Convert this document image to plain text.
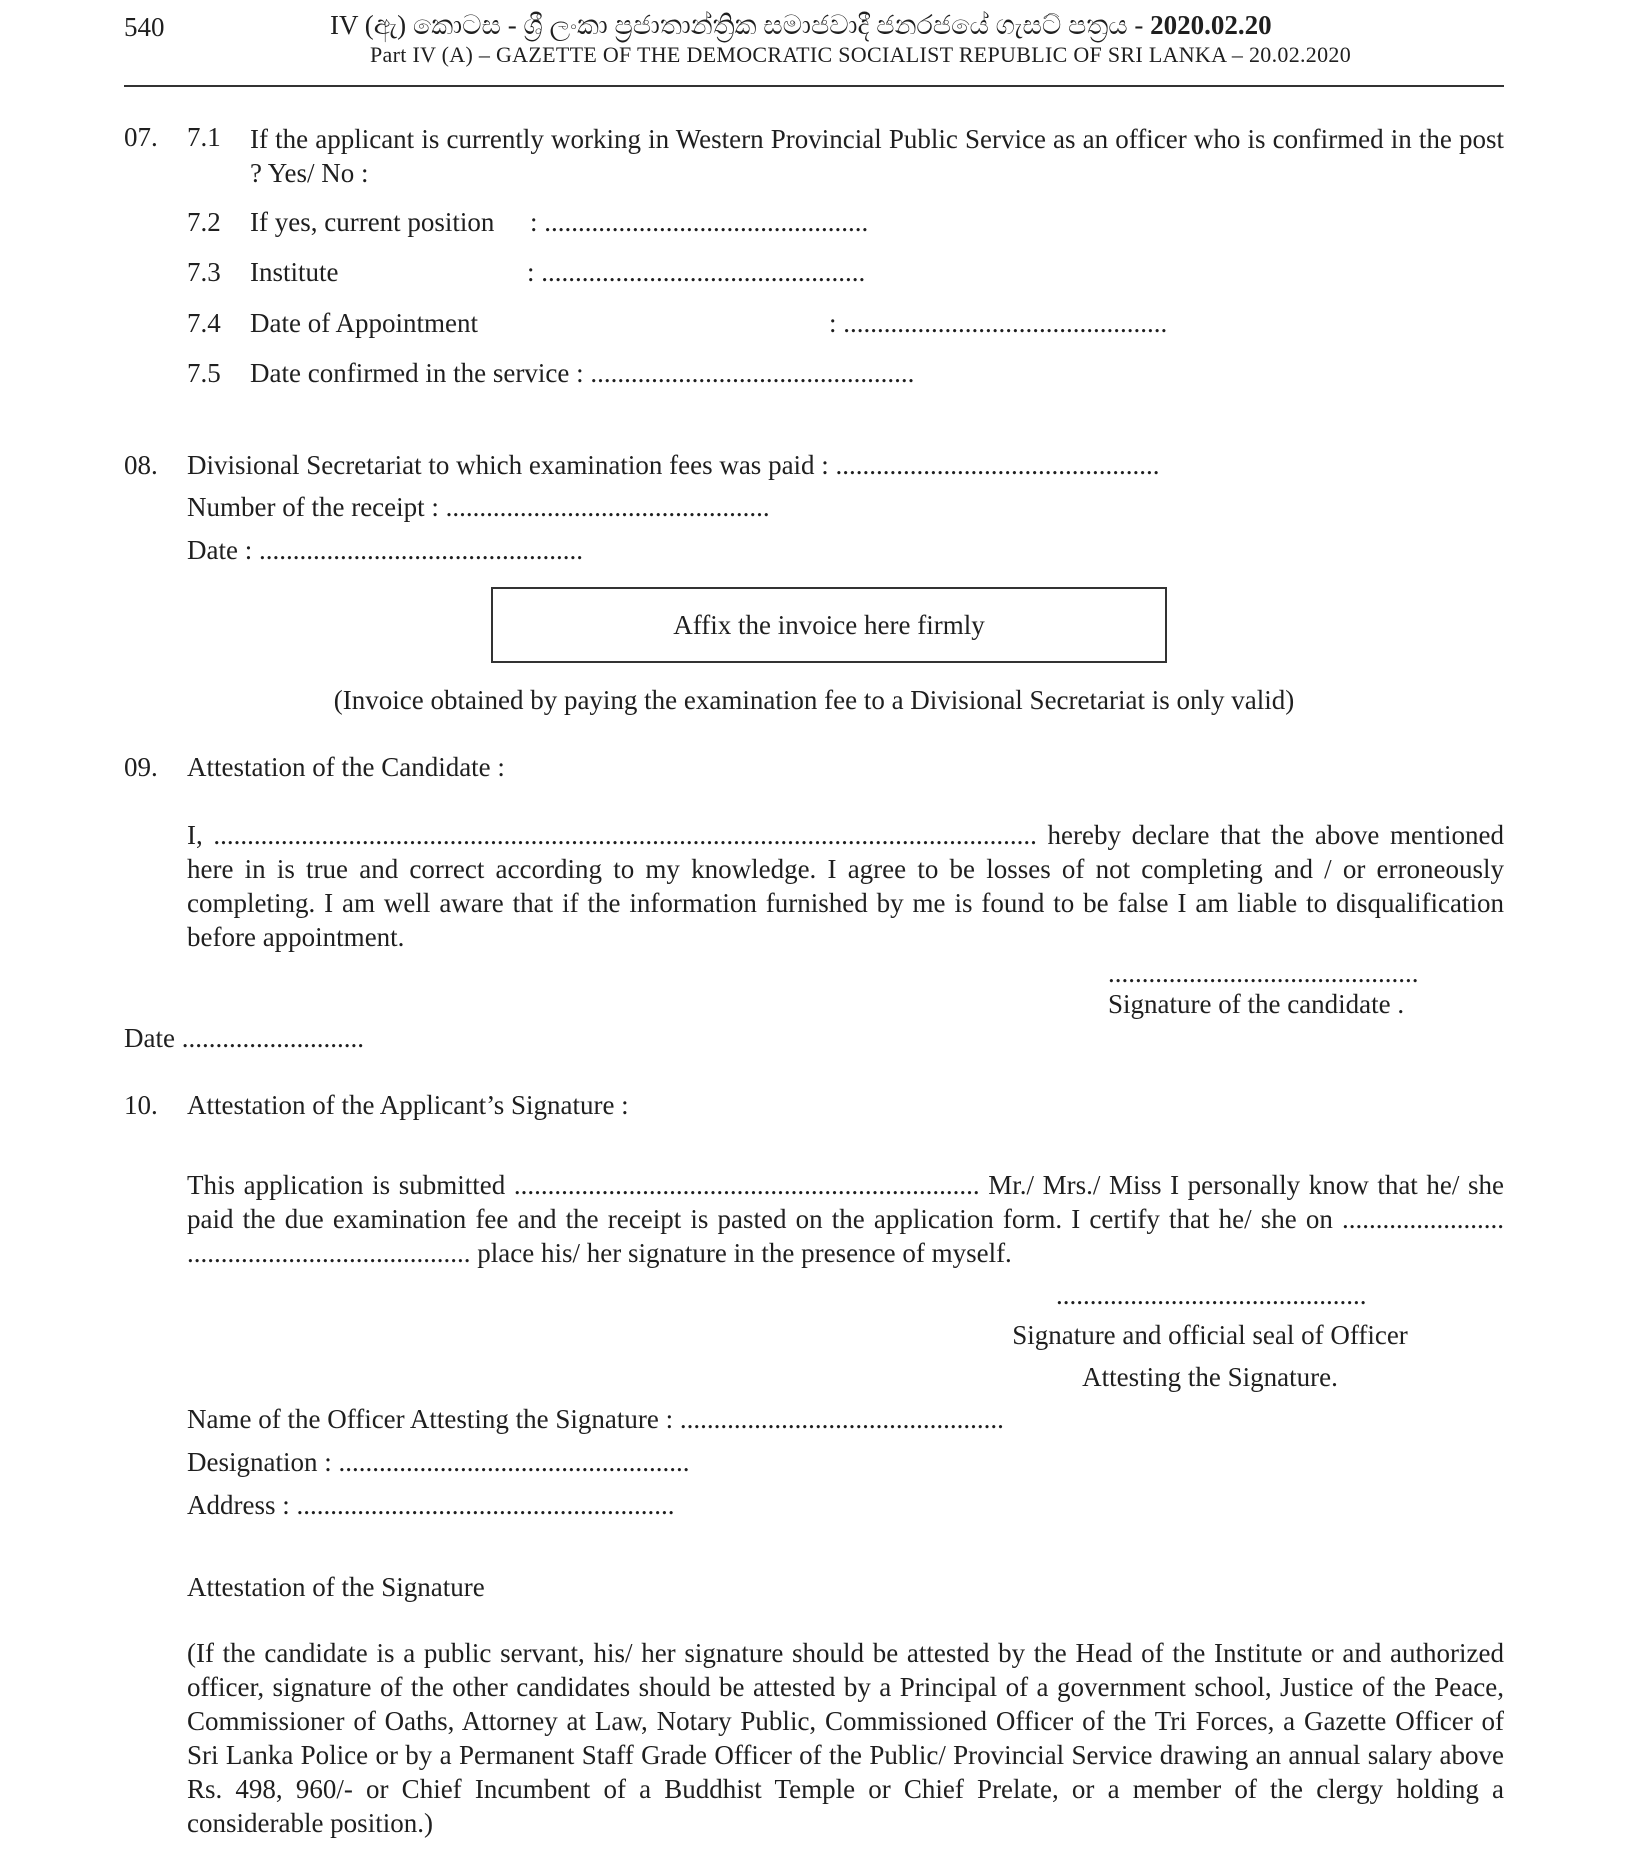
540	IV (ඇ) කොටස - ශ්‍රී ලංකා ප්‍රජාතාන්ත්‍රික සමාජවාදී ජනරජයේ ගැසට් පත්‍රය - 2020.02.20
Part IV (A) – GAZETTE OF THE DEMOCRATIC SOCIALIST REPUBLIC OF SRI LANKA – 20.02.2020
07. 7.1 If the applicant is currently working in Western Provincial Public Service as an officer who is confirmed in the post ? Yes/ No :
7.2 If yes, current position : ................................................
7.3 Institute	: ................................................
7.4 Date of Appointment	: ................................................
7.5 Date confirmed in the service : ................................................
08. Divisional Secretariat to which examination fees was paid : ................................................
Number of the receipt : ................................................
Date : ................................................
Affix the invoice here firmly
(Invoice obtained by paying the examination fee to a Divisional Secretariat is only valid)
09. Attestation of the Candidate :
I, .......................................................................................................................... hereby declare that the above mentioned here in is true and correct according to my knowledge. I agree to be losses of not completing and / or erroneously completing. I am well aware that if the information furnished by me is found to be false I am liable to disqualification before appointment.
..............................................
Signature of the candidate .
Date ...........................
10. Attestation of the Applicant’s Signature :
This application is submitted ..................................................................... Mr./ Mrs./ Miss I personally know that he/ she paid the due examination fee and the receipt is pasted on the application form. I certify that he/ she on ........................ .......................................... place his/ her signature in the presence of myself.
..............................................
Signature and official seal of Officer
Attesting the Signature.
Name of the Officer Attesting the Signature : ................................................
Designation : ....................................................
Address : ........................................................
Attestation of the Signature
(If the candidate is a public servant, his/ her signature should be attested by the Head of the Institute or and authorized officer, signature of the other candidates should be attested by a Principal of a government school, Justice of the Peace, Commissioner of Oaths, Attorney at Law, Notary Public, Commissioned Officer of the Tri Forces, a Gazette Officer of Sri Lanka Police or by a Permanent Staff Grade Officer of the Public/ Provincial Service drawing an annual salary above Rs. 498, 960/- or Chief Incumbent of a Buddhist Temple or Chief Prelate, or a member of the clergy holding a considerable position.)
